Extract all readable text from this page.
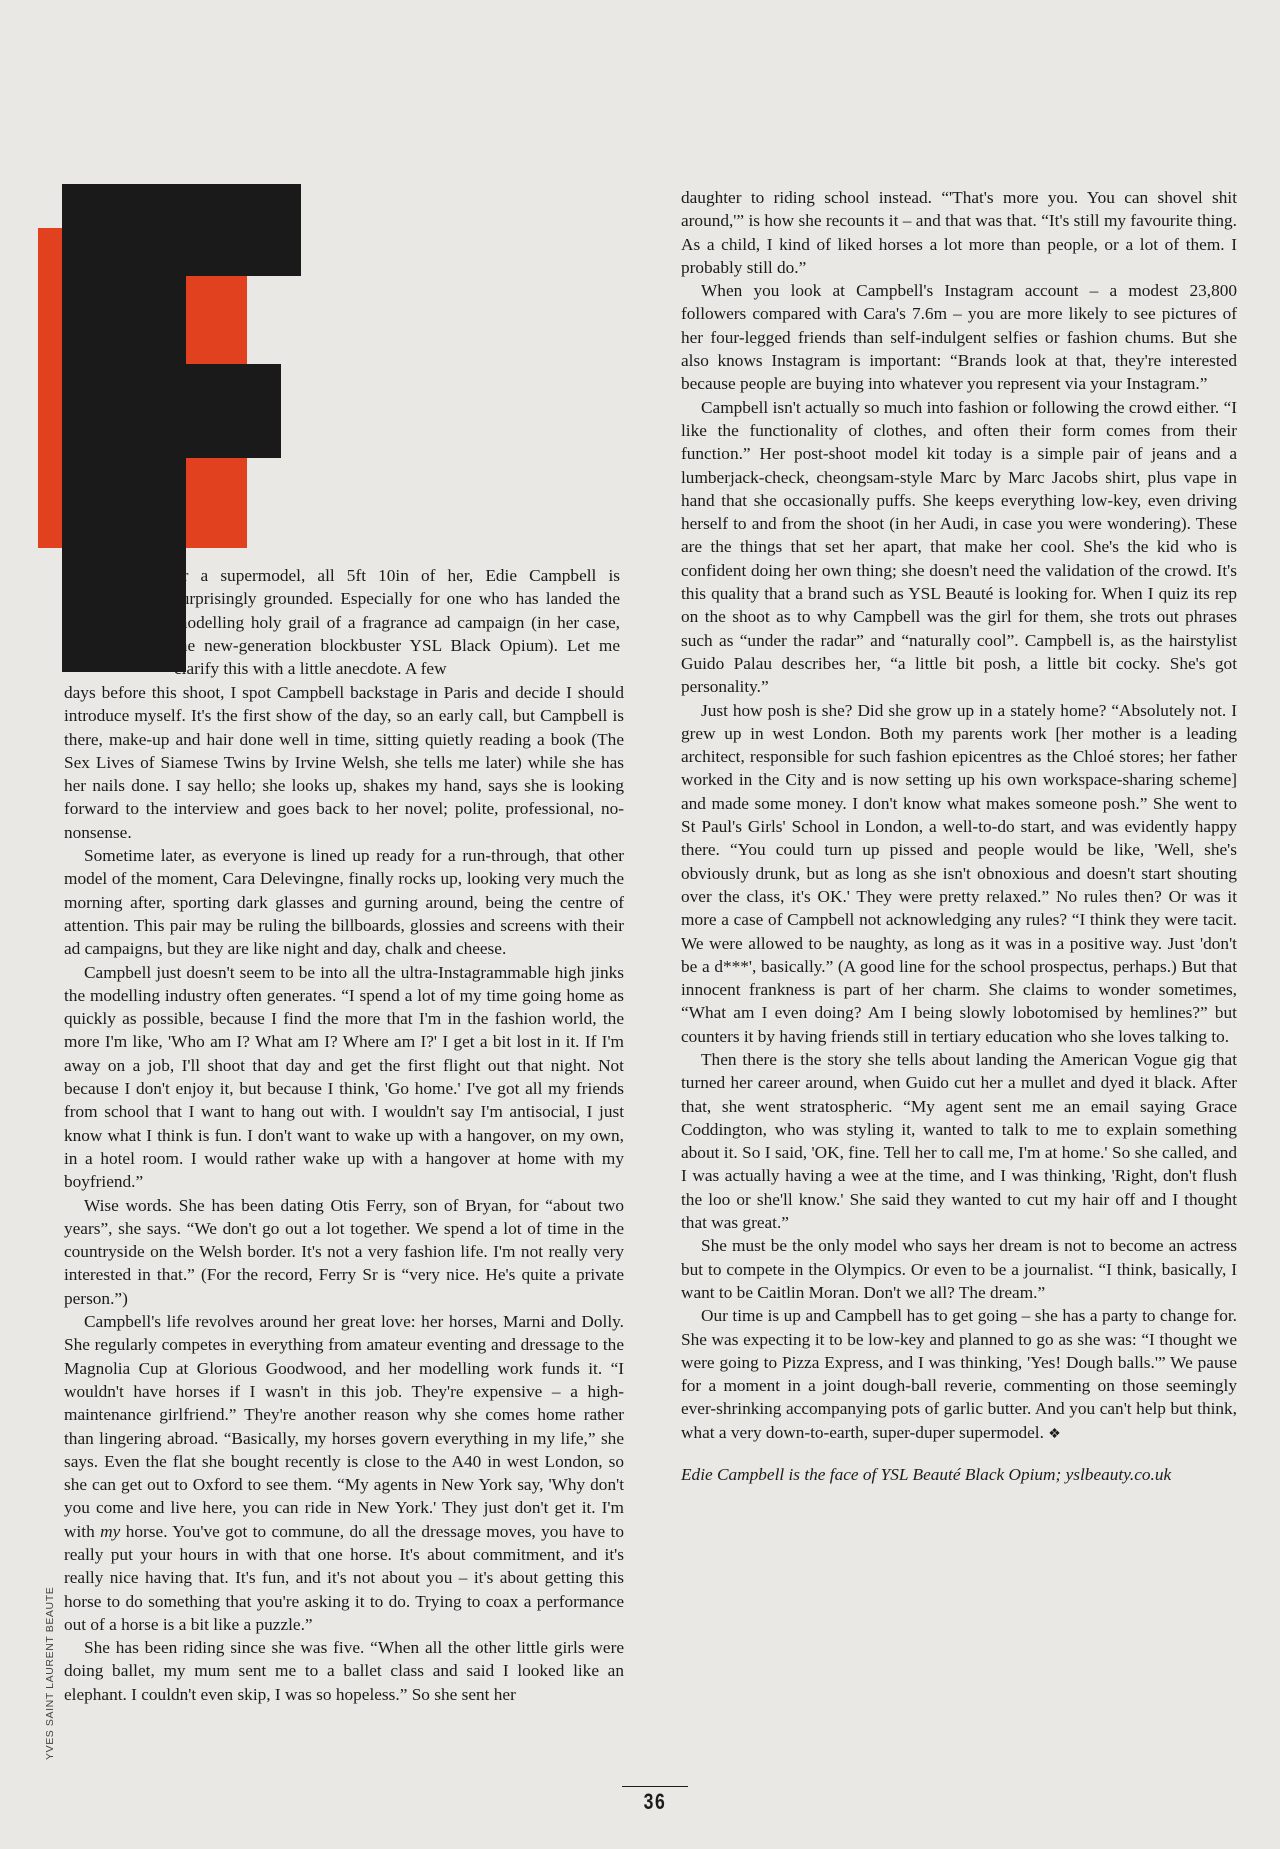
or a supermodel, all 5ft 10in of her, Edie Campbell is surprisingly grounded. Especially for one who has landed the modelling holy grail of a fragrance ad campaign (in her case, the new-generation blockbuster YSL Black Opium). Let me clarify this with a little anecdote. A few

days before this shoot, I spot Campbell backstage in Paris and decide I should introduce myself. It's the first show of the day, so an early call, but Campbell is there, make-up and hair done well in time, sitting quietly reading a book (The Sex Lives of Siamese Twins by Irvine Welsh, she tells me later) while she has her nails done. I say hello; she looks up, shakes my hand, says she is looking forward to the interview and goes back to her novel; polite, professional, no-nonsense.

Sometime later, as everyone is lined up ready for a run-through, that other model of the moment, Cara Delevingne, finally rocks up, looking very much the morning after, sporting dark glasses and gurning around, being the centre of attention. This pair may be ruling the billboards, glossies and screens with their ad campaigns, but they are like night and day, chalk and cheese.

Campbell just doesn't seem to be into all the ultra-Instagrammable high jinks the modelling industry often generates. “I spend a lot of my time going home as quickly as possible, because I find the more that I'm in the fashion world, the more I'm like, 'Who am I? What am I? Where am I?' I get a bit lost in it. If I'm away on a job, I'll shoot that day and get the first flight out that night. Not because I don't enjoy it, but because I think, 'Go home.' I've got all my friends from school that I want to hang out with. I wouldn't say I'm antisocial, I just know what I think is fun. I don't want to wake up with a hangover, on my own, in a hotel room. I would rather wake up with a hangover at home with my boyfriend.”

Wise words. She has been dating Otis Ferry, son of Bryan, for “about two years”, she says. “We don't go out a lot together. We spend a lot of time in the countryside on the Welsh border. It's not a very fashion life. I'm not really very interested in that.” (For the record, Ferry Sr is “very nice. He's quite a private person.”)

Campbell's life revolves around her great love: her horses, Marni and Dolly. She regularly competes in everything from amateur eventing and dressage to the Magnolia Cup at Glorious Goodwood, and her modelling work funds it. “I wouldn't have horses if I wasn't in this job. They're expensive – a high-maintenance girlfriend.” They're another reason why she comes home rather than lingering abroad. “Basically, my horses govern everything in my life,” she says. Even the flat she bought recently is close to the A40 in west London, so she can get out to Oxford to see them. “My agents in New York say, 'Why don't you come and live here, you can ride in New York.' They just don't get it. I'm with my horse. You've got to commune, do all the dressage moves, you have to really put your hours in with that one horse. It's about commitment, and it's really nice having that. It's fun, and it's not about you – it's about getting this horse to do something that you're asking it to do. Trying to coax a performance out of a horse is a bit like a puzzle.”

She has been riding since she was five. “When all the other little girls were doing ballet, my mum sent me to a ballet class and said I looked like an elephant. I couldn't even skip, I was so hopeless.” So she sent her

daughter to riding school instead. “'That's more you. You can shovel shit around,'” is how she recounts it – and that was that. “It's still my favourite thing. As a child, I kind of liked horses a lot more than people, or a lot of them. I probably still do.”

When you look at Campbell's Instagram account – a modest 23,800 followers compared with Cara's 7.6m – you are more likely to see pictures of her four-legged friends than self-indulgent selfies or fashion chums. But she also knows Instagram is important: “Brands look at that, they're interested because people are buying into whatever you represent via your Instagram.”

Campbell isn't actually so much into fashion or following the crowd either. “I like the functionality of clothes, and often their form comes from their function.” Her post-shoot model kit today is a simple pair of jeans and a lumberjack-check, cheongsam-style Marc by Marc Jacobs shirt, plus vape in hand that she occasionally puffs. She keeps everything low-key, even driving herself to and from the shoot (in her Audi, in case you were wondering). These are the things that set her apart, that make her cool. She's the kid who is confident doing her own thing; she doesn't need the validation of the crowd. It's this quality that a brand such as YSL Beauté is looking for. When I quiz its rep on the shoot as to why Campbell was the girl for them, she trots out phrases such as “under the radar” and “naturally cool”. Campbell is, as the hairstylist Guido Palau describes her, “a little bit posh, a little bit cocky. She's got personality.”

Just how posh is she? Did she grow up in a stately home? “Absolutely not. I grew up in west London. Both my parents work [her mother is a leading architect, responsible for such fashion epicentres as the Chloé stores; her father worked in the City and is now setting up his own workspace-sharing scheme] and made some money. I don't know what makes someone posh.” She went to St Paul's Girls' School in London, a well-to-do start, and was evidently happy there. “You could turn up pissed and people would be like, 'Well, she's obviously drunk, but as long as she isn't obnoxious and doesn't start shouting over the class, it's OK.' They were pretty relaxed.” No rules then? Or was it more a case of Campbell not acknowledging any rules? “I think they were tacit. We were allowed to be naughty, as long as it was in a positive way. Just 'don't be a d***', basically.” (A good line for the school prospectus, perhaps.) But that innocent frankness is part of her charm. She claims to wonder sometimes, “What am I even doing? Am I being slowly lobotomised by hemlines?” but counters it by having friends still in tertiary education who she loves talking to.

Then there is the story she tells about landing the American Vogue gig that turned her career around, when Guido cut her a mullet and dyed it black. After that, she went stratospheric. “My agent sent me an email saying Grace Coddington, who was styling it, wanted to talk to me to explain something about it. So I said, 'OK, fine. Tell her to call me, I'm at home.' So she called, and I was actually having a wee at the time, and I was thinking, 'Right, don't flush the loo or she'll know.' She said they wanted to cut my hair off and I thought that was great.”

She must be the only model who says her dream is not to become an actress but to compete in the Olympics. Or even to be a journalist. “I think, basically, I want to be Caitlin Moran. Don't we all? The dream.”

Our time is up and Campbell has to get going – she has a party to change for. She was expecting it to be low-key and planned to go as she was: “I thought we were going to Pizza Express, and I was thinking, 'Yes! Dough balls.'” We pause for a moment in a joint dough-ball reverie, commenting on those seemingly ever-shrinking accompanying pots of garlic butter. And you can't help but think, what a very down-to-earth, super-duper supermodel. ❖

Edie Campbell is the face of YSL Beauté Black Opium; yslbeauty.co.uk

YVES SAINT LAURENT BEAUTE
36
